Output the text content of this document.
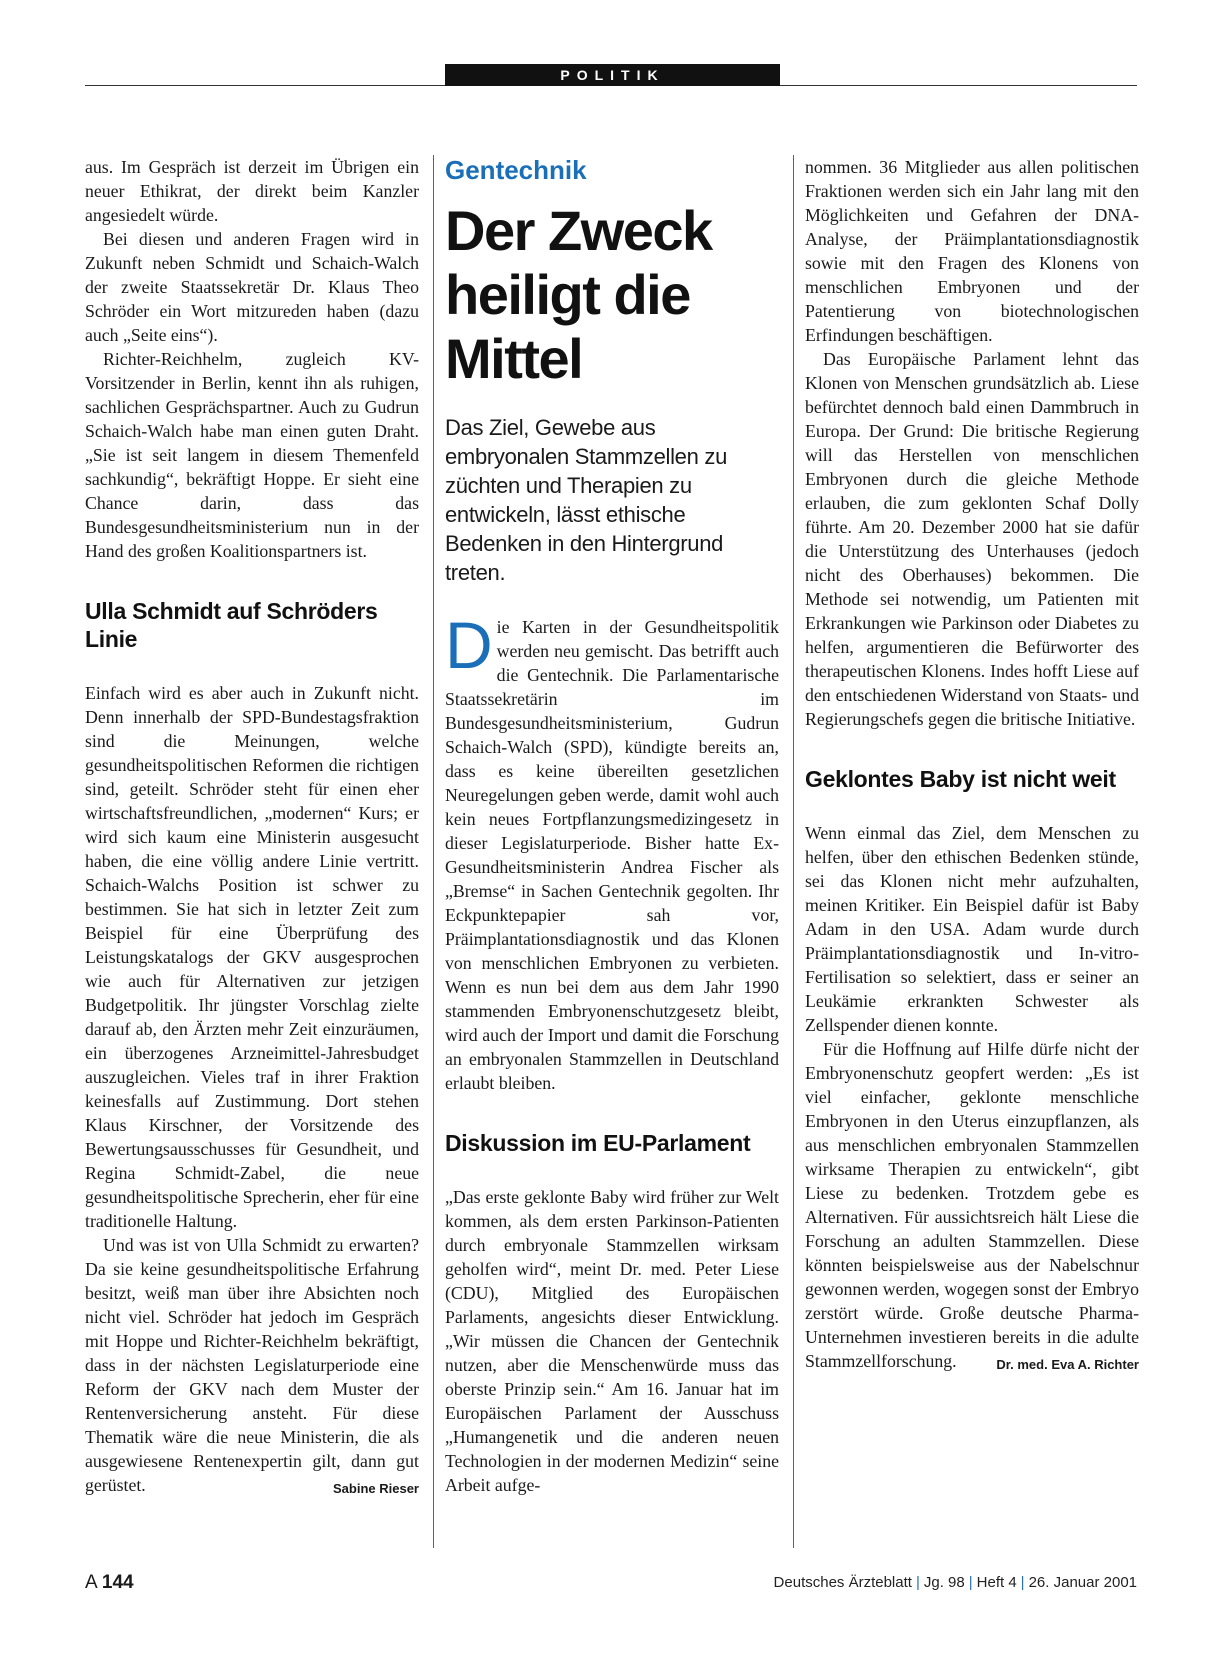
POLITIK

aus. Im Gespräch ist derzeit im Übrigen ein neuer Ethikrat, der direkt beim Kanzler angesiedelt würde.

Bei diesen und anderen Fragen wird in Zukunft neben Schmidt und Schaich-Walch der zweite Staatssekretär Dr. Klaus Theo Schröder ein Wort mitzureden haben (dazu auch „Seite eins“).

Richter-Reichhelm, zugleich KV-Vorsitzender in Berlin, kennt ihn als ruhigen, sachlichen Gesprächspartner. Auch zu Gudrun Schaich-Walch habe man einen guten Draht. „Sie ist seit langem in diesem Themenfeld sachkundig“, bekräftigt Hoppe. Er sieht eine Chance darin, dass das Bundesgesundheitsministerium nun in der Hand des großen Koalitionspartners ist.

Ulla Schmidt auf Schröders Linie

Einfach wird es aber auch in Zukunft nicht. Denn innerhalb der SPD-Bundestagsfraktion sind die Meinungen, welche gesundheitspolitischen Reformen die richtigen sind, geteilt. Schröder steht für einen eher wirtschaftsfreundlichen, „modernen“ Kurs; er wird sich kaum eine Ministerin ausgesucht haben, die eine völlig andere Linie vertritt. Schaich-Walchs Position ist schwer zu bestimmen. Sie hat sich in letzter Zeit zum Beispiel für eine Überprüfung des Leistungskatalogs der GKV ausgesprochen wie auch für Alternativen zur jetzigen Budgetpolitik. Ihr jüngster Vorschlag zielte darauf ab, den Ärzten mehr Zeit einzuräumen, ein überzogenes Arzneimittel-Jahresbudget auszugleichen. Vieles traf in ihrer Fraktion keinesfalls auf Zustimmung. Dort stehen Klaus Kirschner, der Vorsitzende des Bewertungsausschusses für Gesundheit, und Regina Schmidt-Zabel, die neue gesundheitspolitische Sprecherin, eher für eine traditionelle Haltung.

Und was ist von Ulla Schmidt zu erwarten? Da sie keine gesundheitspolitische Erfahrung besitzt, weiß man über ihre Absichten noch nicht viel. Schröder hat jedoch im Gespräch mit Hoppe und Richter-Reichhelm bekräftigt, dass in der nächsten Legislaturperiode eine Reform der GKV nach dem Muster der Rentenversicherung ansteht. Für diese Thematik wäre die neue Ministerin, die als ausgewiesene Rentenexpertin gilt, dann gut gerüstet.	Sabine Rieser

Gentechnik
Der Zweck heiligt die Mittel
Das Ziel, Gewebe aus embryonalen Stammzellen zu züchten und Therapien zu entwickeln, lässt ethische Bedenken in den Hintergrund treten.

Die Karten in der Gesundheitspolitik werden neu gemischt. Das betrifft auch die Gentechnik. Die Parlamentarische Staatssekretärin im Bundesgesundheitsministerium, Gudrun Schaich-Walch (SPD), kündigte bereits an, dass es keine übereilten gesetzlichen Neuregelungen geben werde, damit wohl auch kein neues Fortpflanzungsmedizingesetz in dieser Legislaturperiode. Bisher hatte Ex-Gesundheitsministerin Andrea Fischer als „Bremse“ in Sachen Gentechnik gegolten. Ihr Eckpunktepapier sah vor, Präimplantationsdiagnostik und das Klonen von menschlichen Embryonen zu verbieten. Wenn es nun bei dem aus dem Jahr 1990 stammenden Embryonenschutzgesetz bleibt, wird auch der Import und damit die Forschung an embryonalen Stammzellen in Deutschland erlaubt bleiben.

Diskussion im EU-Parlament

„Das erste geklonte Baby wird früher zur Welt kommen, als dem ersten Parkinson-Patienten durch embryonale Stammzellen wirksam geholfen wird“, meint Dr. med. Peter Liese (CDU), Mitglied des Europäischen Parlaments, angesichts dieser Entwicklung. „Wir müssen die Chancen der Gentechnik nutzen, aber die Menschenwürde muss das oberste Prinzip sein.“ Am 16. Januar hat im Europäischen Parlament der Ausschuss „Humangenetik und die anderen neuen Technologien in der modernen Medizin“ seine Arbeit aufge-

nommen. 36 Mitglieder aus allen politischen Fraktionen werden sich ein Jahr lang mit den Möglichkeiten und Gefahren der DNA-Analyse, der Präimplantationsdiagnostik sowie mit den Fragen des Klonens von menschlichen Embryonen und der Patentierung von biotechnologischen Erfindungen beschäftigen.

Das Europäische Parlament lehnt das Klonen von Menschen grundsätzlich ab. Liese befürchtet dennoch bald einen Dammbruch in Europa. Der Grund: Die britische Regierung will das Herstellen von menschlichen Embryonen durch die gleiche Methode erlauben, die zum geklonten Schaf Dolly führte. Am 20. Dezember 2000 hat sie dafür die Unterstützung des Unterhauses (jedoch nicht des Oberhauses) bekommen. Die Methode sei notwendig, um Patienten mit Erkrankungen wie Parkinson oder Diabetes zu helfen, argumentieren die Befürworter des therapeutischen Klonens. Indes hofft Liese auf den entschiedenen Widerstand von Staats- und Regierungschefs gegen die britische Initiative.

Geklontes Baby ist nicht weit

Wenn einmal das Ziel, dem Menschen zu helfen, über den ethischen Bedenken stünde, sei das Klonen nicht mehr aufzuhalten, meinen Kritiker. Ein Beispiel dafür ist Baby Adam in den USA. Adam wurde durch Präimplantationsdiagnostik und In-vitro-Fertilisation so selektiert, dass er seiner an Leukämie erkrankten Schwester als Zellspender dienen konnte.

Für die Hoffnung auf Hilfe dürfe nicht der Embryonenschutz geopfert werden: „Es ist viel einfacher, geklonte menschliche Embryonen in den Uterus einzupflanzen, als aus menschlichen embryonalen Stammzellen wirksame Therapien zu entwickeln“, gibt Liese zu bedenken. Trotzdem gebe es Alternativen. Für aussichtsreich hält Liese die Forschung an adulten Stammzellen. Diese könnten beispielsweise aus der Nabelschnur gewonnen werden, wogegen sonst der Embryo zerstört würde. Große deutsche Pharma-Unternehmen investieren bereits in die adulte Stammzellforschung.	Dr. med. Eva A. Richter

A 144	Deutsches Ärzteblatt | Jg. 98 | Heft 4 | 26. Januar 2001
